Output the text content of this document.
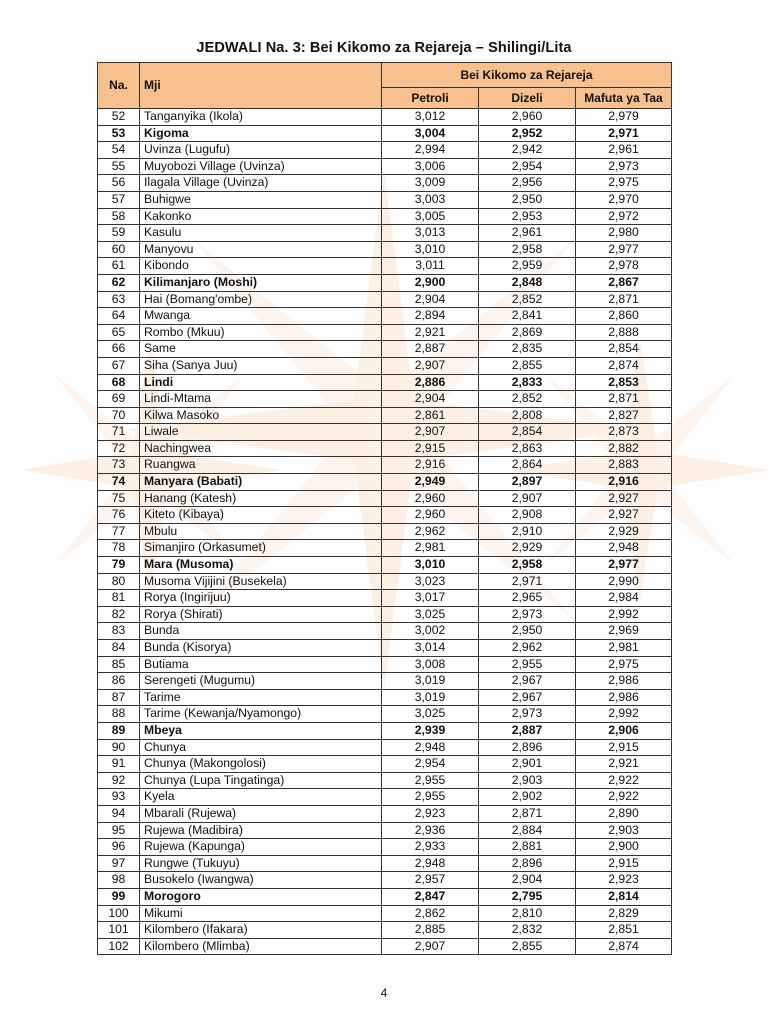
JEDWALI Na. 3: Bei Kikomo za Rejareja – Shilingi/Lita
Na.	Mji	Bei Kikomo za Rejareja		
		Petroli	Dizeli	Mafuta ya Taa
52	Tanganyika (Ikola)	3,012	2,960	2,979
53	Kigoma	3,004	2,952	2,971
54	Uvinza (Lugufu)	2,994	2,942	2,961
55	Muyobozi Village (Uvinza)	3,006	2,954	2,973
56	Ilagala Village (Uvinza)	3,009	2,956	2,975
57	Buhigwe	3,003	2,950	2,970
58	Kakonko	3,005	2,953	2,972
59	Kasulu	3,013	2,961	2,980
60	Manyovu	3,010	2,958	2,977
61	Kibondo	3,011	2,959	2,978
62	Kilimanjaro (Moshi)	2,900	2,848	2,867
63	Hai (Bomang'ombe)	2,904	2,852	2,871
64	Mwanga	2,894	2,841	2,860
65	Rombo (Mkuu)	2,921	2,869	2,888
66	Same	2,887	2,835	2,854
67	Siha (Sanya Juu)	2,907	2,855	2,874
68	Lindi	2,886	2,833	2,853
69	Lindi-Mtama	2,904	2,852	2,871
70	Kilwa Masoko	2,861	2,808	2,827
71	Liwale	2,907	2,854	2,873
72	Nachingwea	2,915	2,863	2,882
73	Ruangwa	2,916	2,864	2,883
74	Manyara (Babati)	2,949	2,897	2,916
75	Hanang (Katesh)	2,960	2,907	2,927
76	Kiteto (Kibaya)	2,960	2,908	2,927
77	Mbulu	2,962	2,910	2,929
78	Simanjiro (Orkasumet)	2,981	2,929	2,948
79	Mara (Musoma)	3,010	2,958	2,977
80	Musoma Vijijini (Busekela)	3,023	2,971	2,990
81	Rorya (Ingirijuu)	3,017	2,965	2,984
82	Rorya (Shirati)	3,025	2,973	2,992
83	Bunda	3,002	2,950	2,969
84	Bunda (Kisorya)	3,014	2,962	2,981
85	Butiama	3,008	2,955	2,975
86	Serengeti (Mugumu)	3,019	2,967	2,986
87	Tarime	3,019	2,967	2,986
88	Tarime (Kewanja/Nyamongo)	3,025	2,973	2,992
89	Mbeya	2,939	2,887	2,906
90	Chunya	2,948	2,896	2,915
91	Chunya (Makongolosi)	2,954	2,901	2,921
92	Chunya (Lupa Tingatinga)	2,955	2,903	2,922
93	Kyela	2,955	2,902	2,922
94	Mbarali (Rujewa)	2,923	2,871	2,890
95	Rujewa (Madibira)	2,936	2,884	2,903
96	Rujewa (Kapunga)	2,933	2,881	2,900
97	Rungwe (Tukuyu)	2,948	2,896	2,915
98	Busokelo (Iwangwa)	2,957	2,904	2,923
99	Morogoro	2,847	2,795	2,814
100	Mikumi	2,862	2,810	2,829
101	Kilombero (Ifakara)	2,885	2,832	2,851
102	Kilombero (Mlimba)	2,907	2,855	2,874
4
